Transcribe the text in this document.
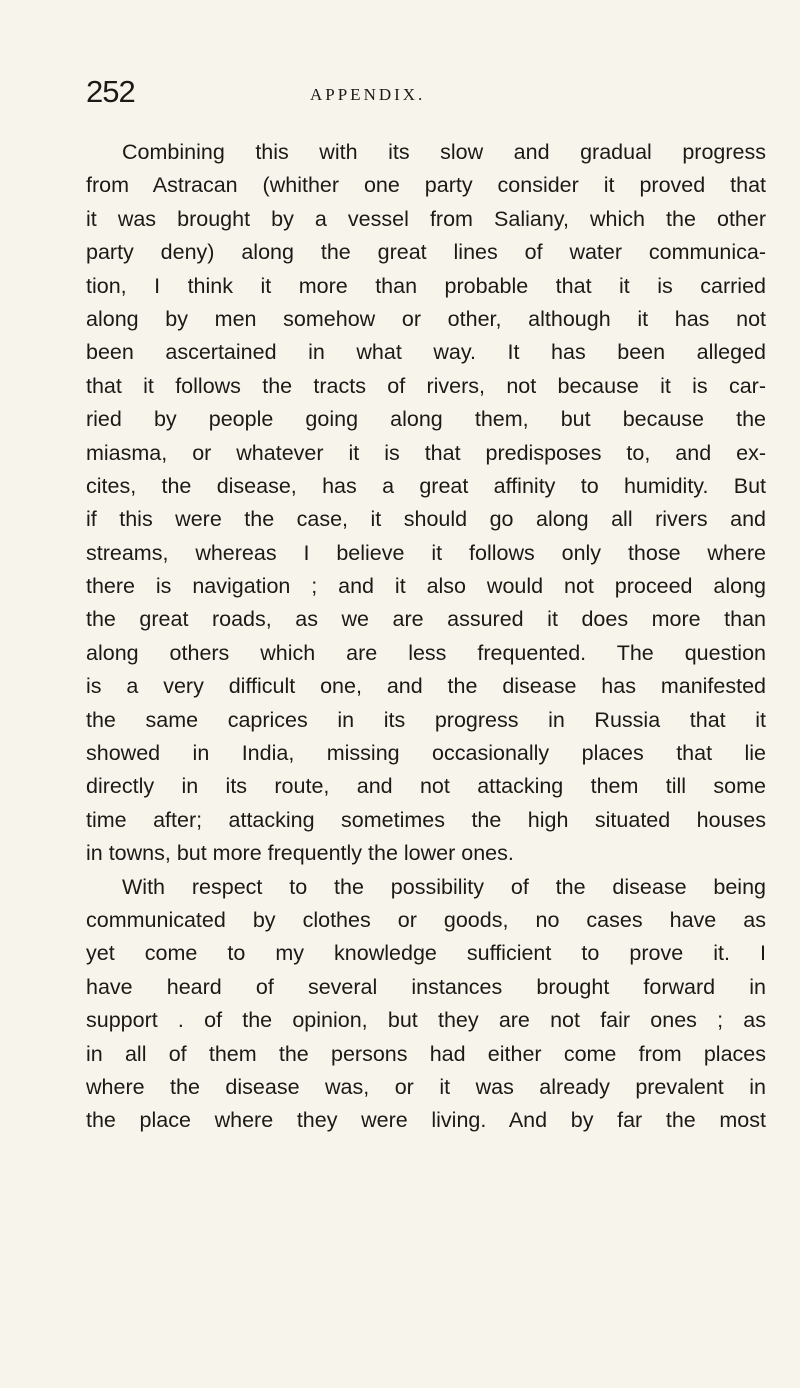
252	APPENDIX.
Combining this with its slow and gradual progress
from Astracan (whither one party consider it proved that
it was brought by a vessel from Saliany, which the other
party deny) along the great lines of water communica-
tion, I think it more than probable that it is carried
along by men somehow or other, although it has not
been ascertained in what way. It has been alleged
that it follows the tracts of rivers, not because it is car-
ried by people going along them, but because the
miasma, or whatever it is that predisposes to, and ex-
cites, the disease, has a great affinity to humidity. But
if this were the case, it should go along all rivers and
streams, whereas I believe it follows only those where
there is navigation ; and it also would not proceed along
the great roads, as we are assured it does more than
along others which are less frequented. The question
is a very difficult one, and the disease has manifested
the same caprices in its progress in Russia that it
showed in India, missing occasionally places that lie
directly in its route, and not attacking them till some
time after; attacking sometimes the high situated houses
in towns, but more frequently the lower ones.
With respect to the possibility of the disease being
communicated by clothes or goods, no cases have as
yet come to my knowledge sufficient to prove it. I
have heard of several instances brought forward in
support . of the opinion, but they are not fair ones ; as
in all of them the persons had either come from places
where the disease was, or it was already prevalent in
the place where they were living. And by far the most
